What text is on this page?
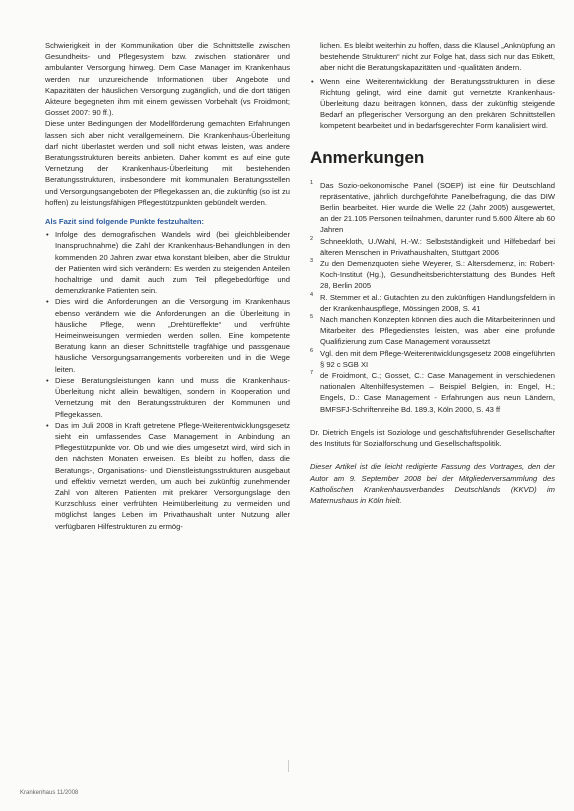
Schwierigkeit in der Kommunikation über die Schnittstelle zwischen Gesundheits- und Pflegesystem bzw. zwischen stationärer und ambulanter Versorgung hinweg. Dem Case Manager im Krankenhaus werden nur unzureichende Informationen über Angebote und Kapazitäten der häuslichen Versorgung zugänglich, und die dort tätigen Akteure begegneten ihm mit einem gewissen Vorbehalt (vs Froidmont; Gosset 2007: 90 ff.).

Diese unter Bedingungen der Modellförderung gemachten Erfahrungen lassen sich aber nicht verallgemeinern. Die Krankenhaus-Überleitung darf nicht überlastet werden und soll nicht etwas leisten, was andere Beratungsstrukturen bereits anbieten. Daher kommt es auf eine gute Vernetzung der Krankenhaus-Überleitung mit bestehenden Beratungsstrukturen, insbesondere mit kommunalen Beratungsstellen und Versorgungsangeboten der Pflegekassen an, die zukünftig (so ist zu hoffen) zu leistungsfähigen Pflegestützpunkten gebündelt werden.

Als Fazit sind folgende Punkte festzuhalten:

• Infolge des demografischen Wandels wird (bei gleichbleibender Inanspruchnahme) die Zahl der Krankenhaus-Behandlungen in den kommenden 20 Jahren zwar etwa konstant bleiben, aber die Struktur der Patienten wird sich verändern: Es werden zu steigenden Anteilen hochaltrige und damit auch zum Teil pflegebedürftige und demenzkranke Patienten sein.
• Dies wird die Anforderungen an die Versorgung im Krankenhaus ebenso verändern wie die Anforderungen an die Überleitung in häusliche Pflege, wenn „Drehtüreffekte“ und verfrühte Heimeinweisungen vermieden werden sollen. Eine kompetente Beratung kann an dieser Schnittstelle tragfähige und passgenaue häusliche Versorgungsarrangements vorbereiten und in die Wege leiten.
• Diese Beratungsleistungen kann und muss die Krankenhaus-Überleitung nicht allein bewältigen, sondern in Kooperation und Vernetzung mit den Beratungsstrukturen der Kommunen und Pflegekassen.
• Das im Juli 2008 in Kraft getretene Pflege-Weiterentwicklungsgesetz sieht ein umfassendes Case Management in Anbindung an Pflegestützpunkte vor. Ob und wie dies umgesetzt wird, wird sich in den nächsten Monaten erweisen. Es bleibt zu hoffen, dass die Beratungs-, Organisations- und Dienstleistungsstrukturen ausgebaut und effektiv vernetzt werden, um auch bei zukünftig zunehmender Zahl von älteren Patienten mit prekärer Versorgungslage den Kurzschluss einer verfrühten Heimüberleitung zu vermeiden und möglichst langes Leben im Privathaushalt unter Nutzung aller verfügbaren Hilfestrukturen zu ermög-

lichen. Es bleibt weiterhin zu hoffen, dass die Klausel „Anknüpfung an bestehende Strukturen“ nicht zur Folge hat, dass sich nur das Etikett, aber nicht die Beratungskapazitäten und -qualitäten ändern.

• Wenn eine Weiterentwicklung der Beratungsstrukturen in diese Richtung gelingt, wird eine damit gut vernetzte Krankenhaus-Überleitung dazu beitragen können, dass der zukünftig steigende Bedarf an pflegerischer Versorgung an den prekären Schnittstellen kompetent bearbeitet und in bedarfsgerechter Form kanalisiert wird.
Anmerkungen
1 Das Sozio-oekonomische Panel (SOEP) ist eine für Deutschland repräsentative, jährlich durchgeführte Panelbefragung, die das DIW Berlin bearbeitet. Hier wurde die Welle 22 (Jahr 2005) ausgewertet, an der 21.105 Personen teilnahmen, darunter rund 5.600 Ältere ab 60 Jahren
2 Schneekloth, U./Wahl, H.-W.: Selbstständigkeit und Hilfebedarf bei älteren Menschen in Privathaushalten, Stuttgart 2006
3 Zu den Demenzquoten siehe Weyerer, S.: Altersdemenz, in: Robert-Koch-Institut (Hg.), Gesundheitsberichterstattung des Bundes Heft 28, Berlin 2005
4 R. Stemmer et al.: Gutachten zu den zukünftigen Handlungsfeldern in der Krankenhauspflege, Mössingen 2008, S. 41
5 Nach manchen Konzepten können dies auch die Mitarbeiterinnen und Mitarbeiter des Pflegedienstes leisten, was aber eine profunde Qualifizierung zum Case Management voraussetzt
6 Vgl. den mit dem Pflege-Weiterentwicklungsgesetz 2008 eingeführten § 92 c SGB XI
7 de Froidmont, C.; Gosset, C.: Case Management in verschiedenen nationalen Altenhilfesystemen – Beispiel Belgien, in: Engel, H.; Engels, D.: Case Management - Erfahrungen aus neun Ländern, BMFSFJ-Schriftenreihe Bd. 189.3, Köln 2000, S. 43 ff

Dr. Dietrich Engels ist Soziologe und geschäftsführender Gesellschafter des Instituts für Sozialforschung und Gesellschaftspolitik.

Dieser Artikel ist die leicht redigierte Fassung des Vortrages, den der Autor am 9. September 2008 bei der Mitgliederversammlung des Katholischen Krankenhausverbandes Deutschlands (KKVD) im Maternushaus in Köln hielt.

Krankenhaus 11/2008
